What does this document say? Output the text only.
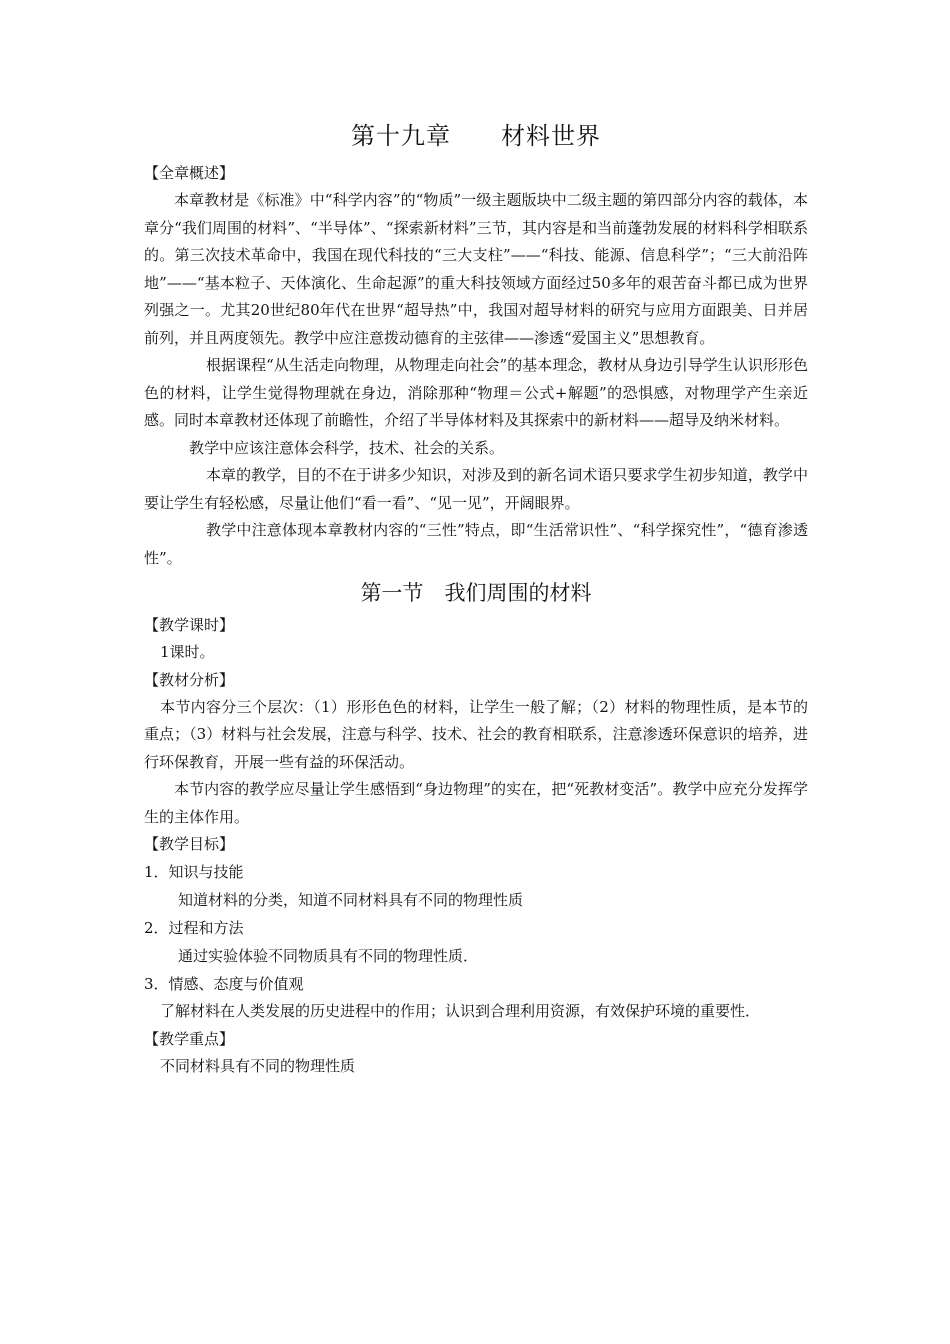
第十九章　　材料世界

【全章概述】

本章教材是《标准》中“科学内容”的“物质”一级主题版块中二级主题的第四部分内容的载体，本章分“我们周围的材料”、“半导体”、“探索新材料”三节，其内容是和当前蓬勃发展的材料科学相联系的。第三次技术革命中，我国在现代科技的“三大支柱”——“科技、能源、信息科学”；“三大前沿阵地”——“基本粒子、天体演化、生命起源”的重大科技领域方面经过50多年的艰苦奋斗都已成为世界列强之一。尤其20世纪80年代在世界“超导热”中，我国对超导材料的研究与应用方面跟美、日并居前列，并且两度领先。教学中应注意拨动德育的主弦律——渗透“爱国主义”思想教育。

根据课程“从生活走向物理，从物理走向社会”的基本理念，教材从身边引导学生认识形形色色的材料，让学生觉得物理就在身边，消除那种“物理＝公式+解题”的恐惧感，对物理学产生亲近感。同时本章教材还体现了前瞻性，介绍了半导体材料及其探索中的新材料——超导及纳米材料。

教学中应该注意体会科学，技术、社会的关系。

本章的教学，目的不在于讲多少知识，对涉及到的新名词术语只要求学生初步知道，教学中要让学生有轻松感，尽量让他们“看一看”、“见一见”，开阔眼界。

教学中注意体现本章教材内容的“三性”特点，即“生活常识性”、“科学探究性”，“德育渗透性”。

第一节　我们周围的材料

【教学课时】

1课时。

【教材分析】

本节内容分三个层次：（1）形形色色的材料，让学生一般了解；（2）材料的物理性质，是本节的重点；（3）材料与社会发展，注意与科学、技术、社会的教育相联系，注意渗透环保意识的培养，进行环保教育，开展一些有益的环保活动。

本节内容的教学应尽量让学生感悟到“身边物理”的实在，把“死教材变活”。教学中应充分发挥学生的主体作用。

【教学目标】

1．知识与技能

知道材料的分类，知道不同材料具有不同的物理性质

2．过程和方法

通过实验体验不同物质具有不同的物理性质．

3．情感、态度与价值观

了解材料在人类发展的历史进程中的作用；认识到合理利用资源，有效保护环境的重要性．

【教学重点】

不同材料具有不同的物理性质
